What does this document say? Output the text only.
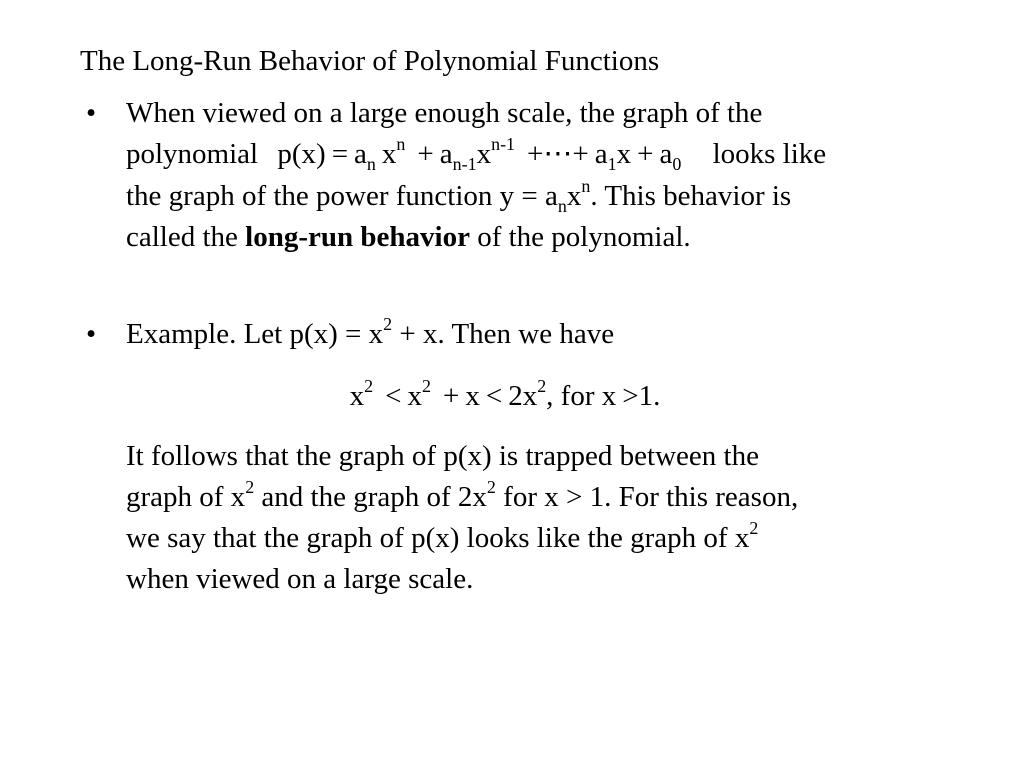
The Long-Run Behavior of Polynomial Functions
• When viewed on a large enough scale, the graph of the
polynomial $p(x) = a_n$ $x^n + a_{n-1}x^{n-1}$ +⋯+ $a_1x + a_0$ looks like
the graph of the power function $y = a_nx^n$. This behavior is
called the long-run behavior of the polynomial.
• Example. Let $p(x) = x^2 + x$. Then we have
$x^2 < x^2 + x < 2x^2$, for x >1.
It follows that the graph of p(x) is trapped between the
graph of $x^2$ and the graph of $2x^2$ for x > 1. For this reason,
we say that the graph of p(x) looks like the graph of $x^2$
when viewed on a large scale.
